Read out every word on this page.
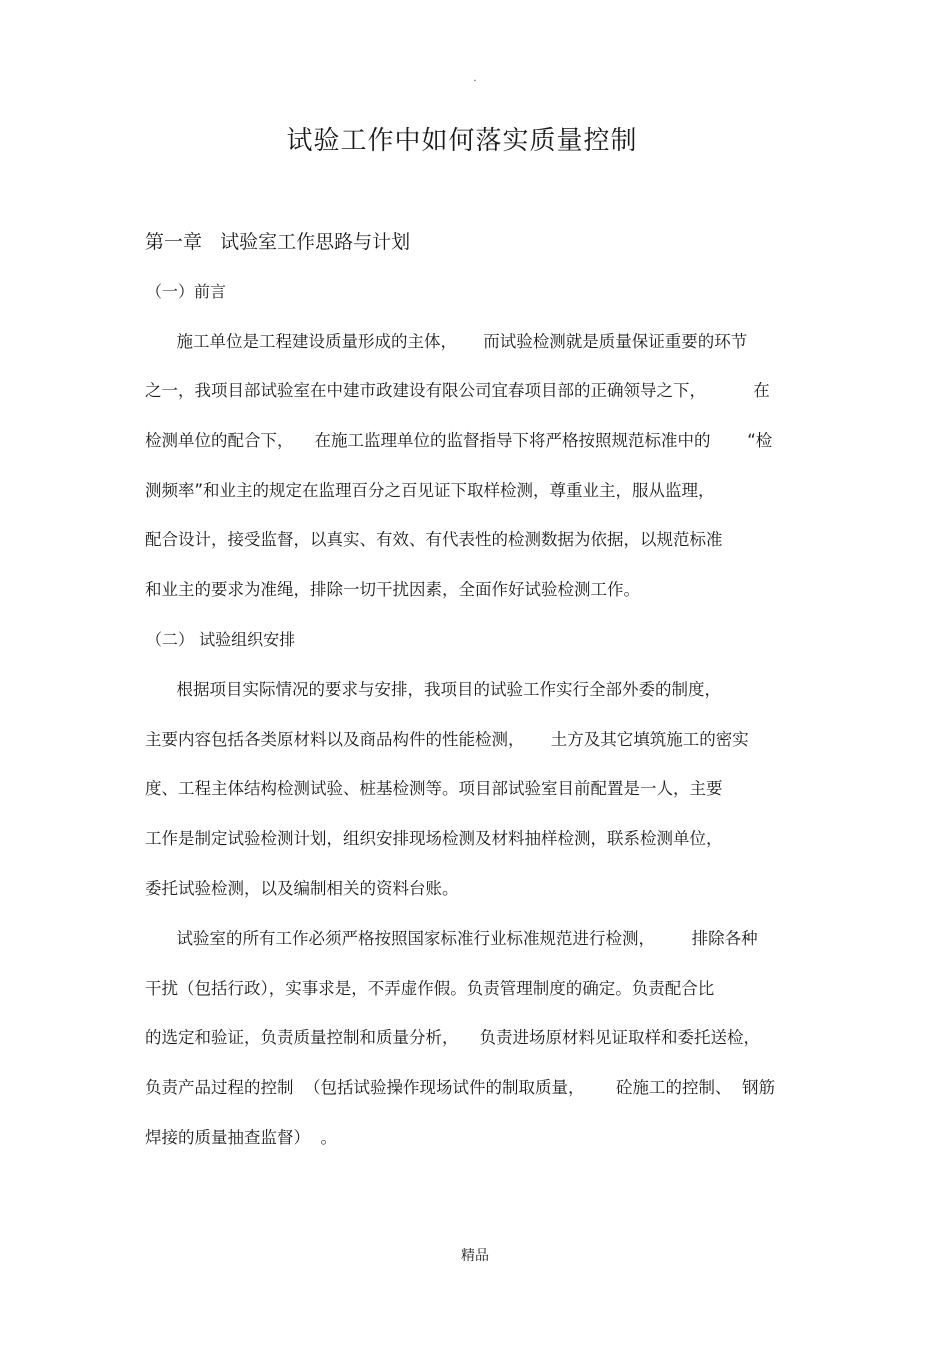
.
试验工作中如何落实质量控制
第一章   试验室工作思路与计划
（一）前言
施工单位是工程建设质量形成的主体，     而试验检测就是质量保证重要的环节
之一，我项目部试验室在中建市政建设有限公司宜春项目部的正确领导之下，         在
检测单位的配合下，    在施工监理单位的监督指导下将严格按照规范标准中的       “检
测频率”和业主的规定在监理百分之百见证下取样检测，尊重业主，服从监理，
配合设计，接受监督，以真实、有效、有代表性的检测数据为依据，以规范标准
和业主的要求为准绳，排除一切干扰因素，全面作好试验检测工作。
（二） 试验组织安排
根据项目实际情况的要求与安排，我项目的试验工作实行全部外委的制度，
主要内容包括各类原材料以及商品构件的性能检测，     土方及其它填筑施工的密实
度、工程主体结构检测试验、桩基检测等。项目部试验室目前配置是一人，主要
工作是制定试验检测计划，组织安排现场检测及材料抽样检测，联系检测单位，
委托试验检测，以及编制相关的资料台账。
试验室的所有工作必须严格按照国家标准行业标准规范进行检测，       排除各种
干扰（包括行政），实事求是，不弄虚作假。负责管理制度的确定。负责配合比
的选定和验证，负责质量控制和质量分析，    负责进场原材料见证取样和委托送检，
负责产品过程的控制  （包括试验操作现场试件的制取质量，      砼施工的控制、  钢筋
焊接的质量抽查监督）  。
精品
